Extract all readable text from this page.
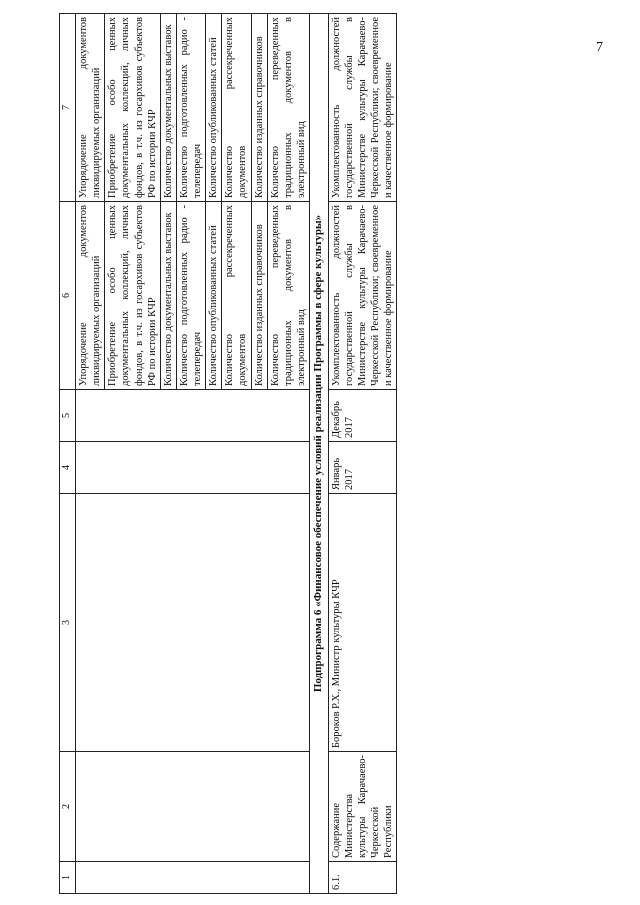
7
1	2	3	4	5	6	7
					Упорядочение документов ликвидируемых организаций	Упорядочение документов ликвидируемых организаций
					Приобретение особо ценных документальных коллекций, личных фондов, в т.ч. из госархивов субъектов РФ по истории КЧР	Приобретение особо ценных документальных коллекций, личных фондов, в т.ч. из госархивов субъектов РФ по истории КЧР
					Количество документальных выставок	Количество документальных выставок
					Количество подготовленных радио - телепередач	Количество подготовленных радио - телепередач
					Количество опубликованных статей	Количество опубликованных статей
					Количество рассекреченных документов	Количество рассекреченных документов
					Количество изданных справочников	Количество изданных справочников
					Количество переведенных традиционных документов в электронный вид	Количество переведенных традиционных документов в электронный вид
Подпрограмма 6 «Финансовое обеспечение условий реализации Программы в сфере культуры»						
6.1.	Содержание Министерства культуры Карачаево-Черкесской Республики	Бороков Р.Х., Министр культуры КЧР	Январь 2017	Декабрь 2017	Укомплектованность должностей государственной службы в Министерстве культуры Карачаево-Черкесской Республики; своевременное и качественное формирование	Укомплектованность должностей государственной службы в Министерстве культуры Карачаево-Черкесской Республики; своевременное и качественное формирование
